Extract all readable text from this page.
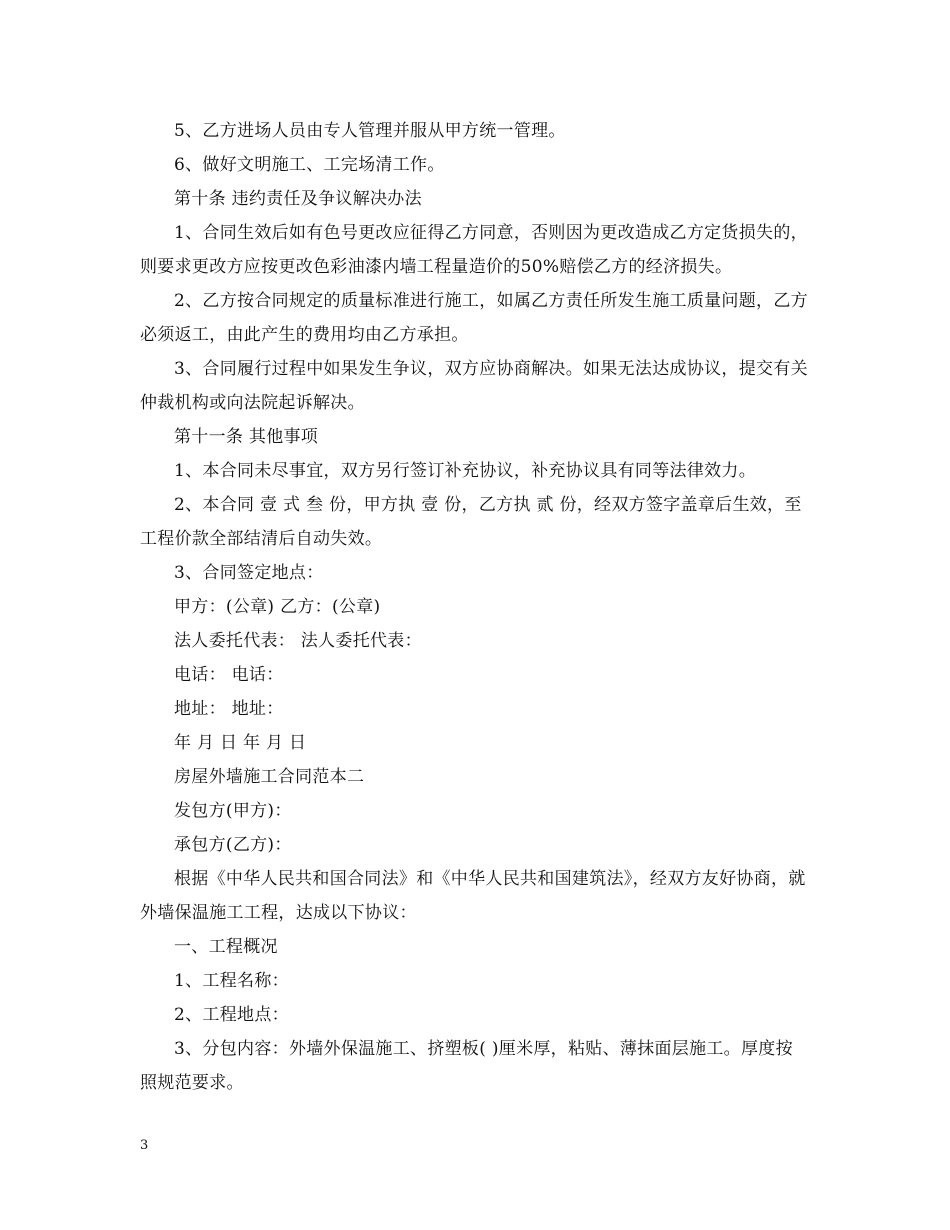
5、乙方进场人员由专人管理并服从甲方统一管理。

6、做好文明施工、工完场清工作。

第十条 违约责任及争议解决办法

1、合同生效后如有色号更改应征得乙方同意，否则因为更改造成乙方定货损失的，则要求更改方应按更改色彩油漆内墙工程量造价的50%赔偿乙方的经济损失。

2、乙方按合同规定的质量标准进行施工，如属乙方责任所发生施工质量问题，乙方必须返工，由此产生的费用均由乙方承担。

3、合同履行过程中如果发生争议，双方应协商解决。如果无法达成协议，提交有关仲裁机构或向法院起诉解决。

第十一条 其他事项

1、本合同未尽事宜，双方另行签订补充协议，补充协议具有同等法律效力。

2、本合同 壹 式 叁 份，甲方执 壹 份，乙方执 贰 份，经双方签字盖章后生效，至工程价款全部结清后自动失效。

3、合同签定地点：

甲方：(公章) 乙方：(公章)

法人委托代表： 法人委托代表：

电话： 电话：

地址： 地址：

年 月 日 年 月 日

房屋外墙施工合同范本二

发包方(甲方)：

承包方(乙方)：

根据《中华人民共和国合同法》和《中华人民共和国建筑法》，经双方友好协商，就 外墙保温施工工程，达成以下协议：

一、工程概况

1、工程名称：

2、工程地点：

3、分包内容：外墙外保温施工、挤塑板( )厘米厚，粘贴、薄抹面层施工。厚度按照规范要求。

3
